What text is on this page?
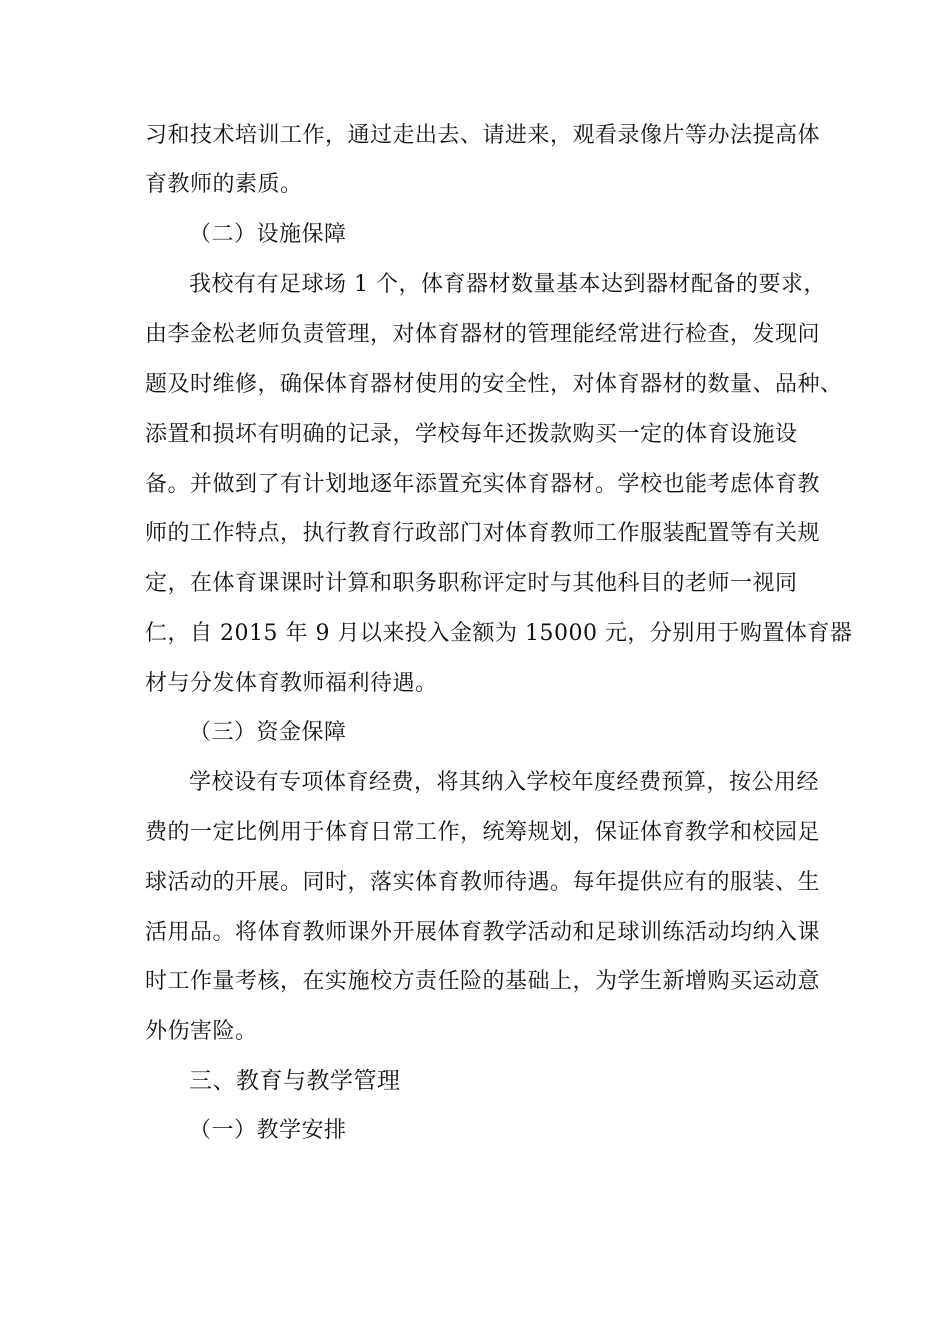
习和技术培训工作，通过走出去、请进来，观看录像片等办法提高体
育教师的素质。
（二）设施保障
我校有有足球场 1 个，体育器材数量基本达到器材配备的要求，
由李金松老师负责管理，对体育器材的管理能经常进行检查，发现问
题及时维修，确保体育器材使用的安全性，对体育器材的数量、品种、
添置和损坏有明确的记录，学校每年还拨款购买一定的体育设施设
备。并做到了有计划地逐年添置充实体育器材。学校也能考虑体育教
师的工作特点，执行教育行政部门对体育教师工作服装配置等有关规
定，在体育课课时计算和职务职称评定时与其他科目的老师一视同
仁，自 2015 年 9 月以来投入金额为 15000 元，分别用于购置体育器
材与分发体育教师福利待遇。
（三）资金保障
学校设有专项体育经费，将其纳入学校年度经费预算，按公用经
费的一定比例用于体育日常工作，统筹规划，保证体育教学和校园足
球活动的开展。同时，落实体育教师待遇。每年提供应有的服装、生
活用品。将体育教师课外开展体育教学活动和足球训练活动均纳入课
时工作量考核，在实施校方责任险的基础上，为学生新增购买运动意
外伤害险。
三、教育与教学管理
（一）教学安排
